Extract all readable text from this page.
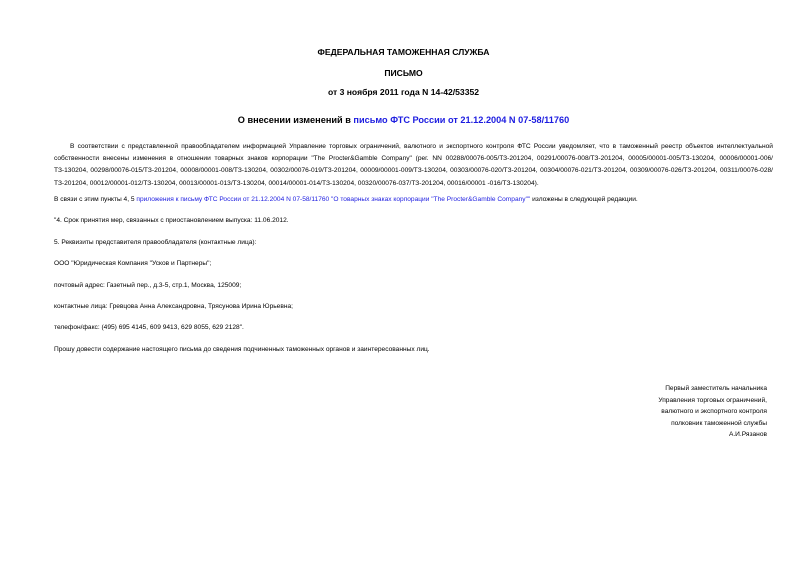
ФЕДЕРАЛЬНАЯ ТАМОЖЕННАЯ СЛУЖБА
ПИСЬМО
от 3 ноября 2011 года N 14-42/53352
О внесении изменений в письмо ФТС России от 21.12.2004 N 07-58/11760

В соответствии с представленной правообладателем информацией Управление торговых ограничений, валютного и экспортного контроля ФТС России уведомляет, что в таможенный реестр объектов интеллектуальной собственности внесены изменения в отношении товарных знаков корпорации "The Procter&Gamble Company" (рег. NN 00288/00076-005/ТЗ-201204, 00291/00076-008/ТЗ-201204, 00005/00001-005/ТЗ-130204, 00006/00001-006/ТЗ-130204, 00298/00076-015/ТЗ-201204, 00008/00001-008/ТЗ-130204, 00302/00076-019/ТЗ-201204, 00009/00001-009/ТЗ-130204, 00303/00076-020/ТЗ-201204, 00304/00076-021/ТЗ-201204, 00309/00076-026/ТЗ-201204, 00311/00076-028/ТЗ-201204, 00012/00001-012/ТЗ-130204, 00013/00001-013/ТЗ-130204, 00014/00001-014/ТЗ-130204, 00320/00076-037/ТЗ-201204, 00016/00001 -016/ТЗ-130204).

В связи с этим пункты 4, 5 приложения к письму ФТС России от 21.12.2004 N 07-58/11760 "О товарных знаках корпорации "The Procter&Gamble Company"" изложены в следующей редакции.

"4. Срок принятия мер, связанных с приостановлением выпуска: 11.06.2012.

5. Реквизиты представителя правообладателя (контактные лица):

ООО "Юридическая Компания "Усков и Партнеры";

почтовый адрес: Газетный пер., д.3-5, стр.1, Москва, 125009;

контактные лица: Гревцова Анна Александровна, Трясунова Ирина Юрьевна;

телефон/факс: (495) 695 4145, 609 9413, 629 8055, 629 2128".

Прошу довести содержание настоящего письма до сведения подчиненных таможенных органов и заинтересованных лиц.

Первый заместитель начальника
Управления торговых ограничений,
валютного и экспортного контроля
полковник таможенной службы
А.И.Рязанов
